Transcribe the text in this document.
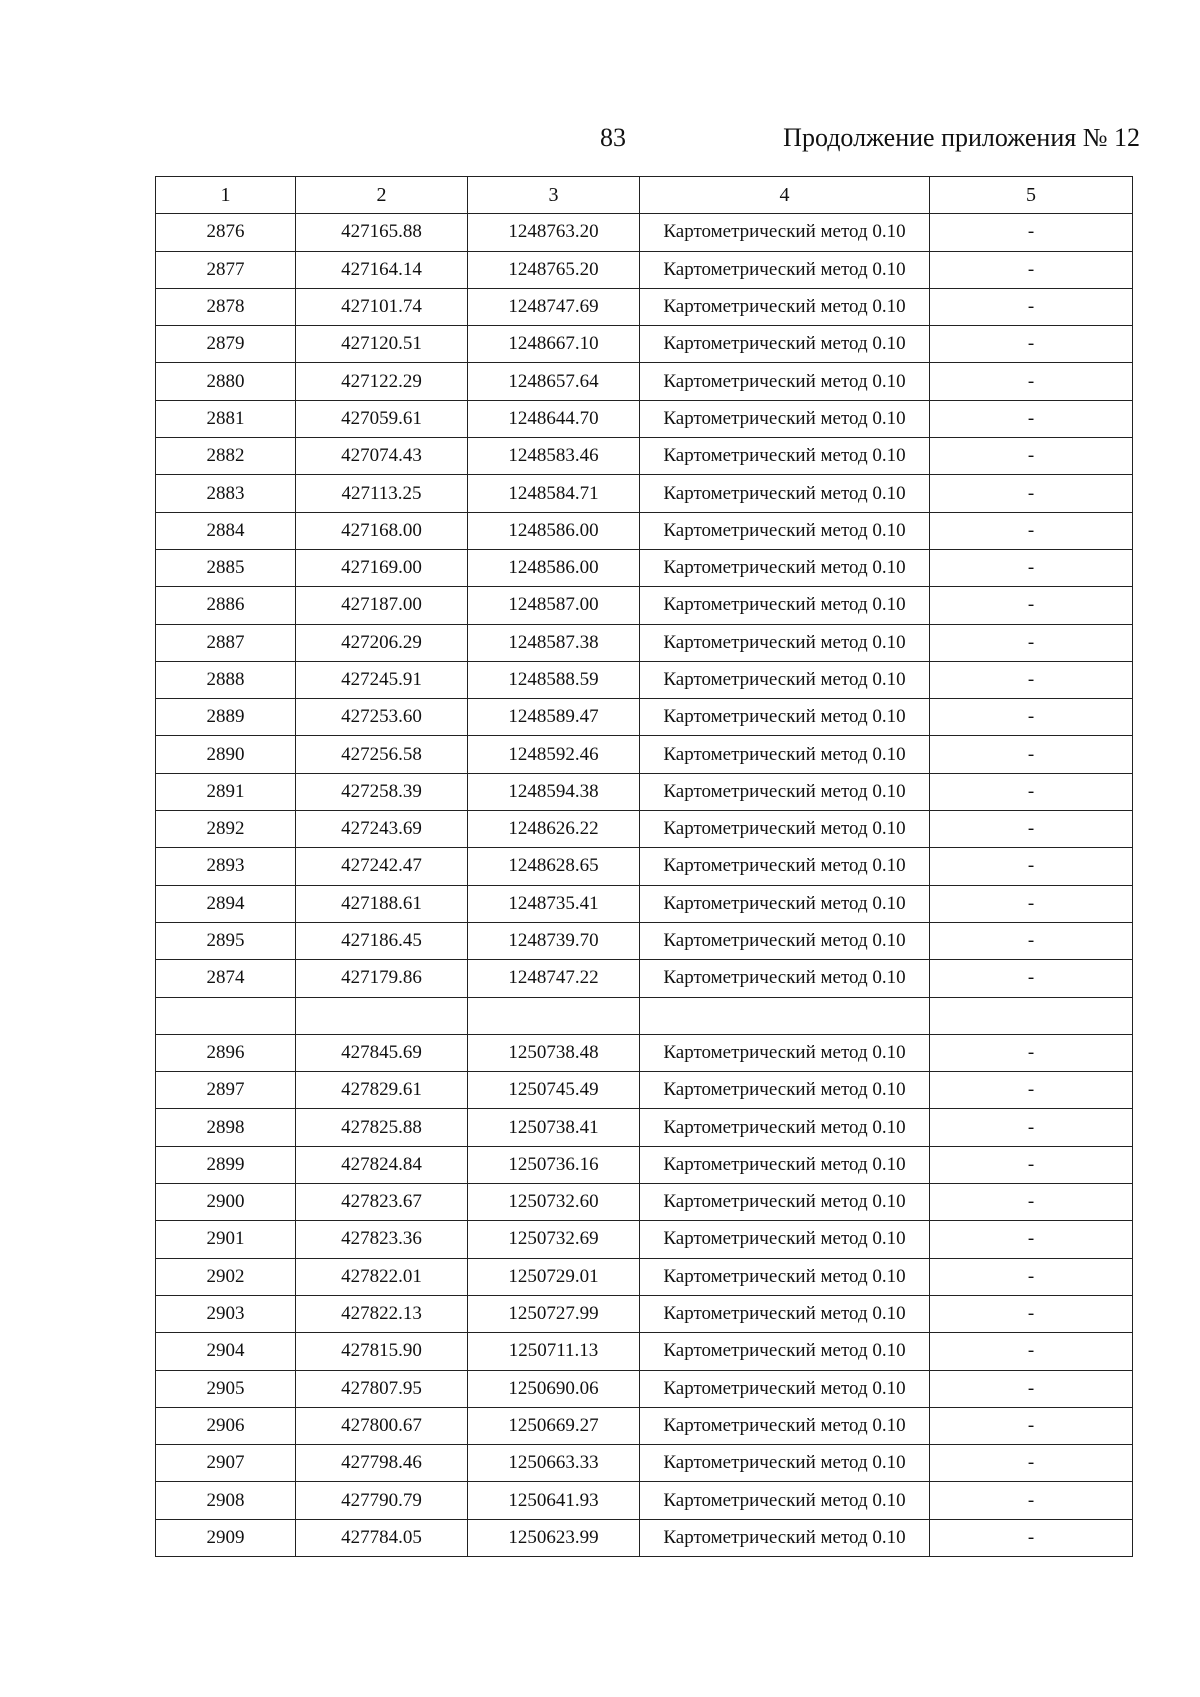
83	Продолжение приложения № 12
1	2	3	4	5
2876	427165.88	1248763.20	Картометрический метод 0.10	-
2877	427164.14	1248765.20	Картометрический метод 0.10	-
2878	427101.74	1248747.69	Картометрический метод 0.10	-
2879	427120.51	1248667.10	Картометрический метод 0.10	-
2880	427122.29	1248657.64	Картометрический метод 0.10	-
2881	427059.61	1248644.70	Картометрический метод 0.10	-
2882	427074.43	1248583.46	Картометрический метод 0.10	-
2883	427113.25	1248584.71	Картометрический метод 0.10	-
2884	427168.00	1248586.00	Картометрический метод 0.10	-
2885	427169.00	1248586.00	Картометрический метод 0.10	-
2886	427187.00	1248587.00	Картометрический метод 0.10	-
2887	427206.29	1248587.38	Картометрический метод 0.10	-
2888	427245.91	1248588.59	Картометрический метод 0.10	-
2889	427253.60	1248589.47	Картометрический метод 0.10	-
2890	427256.58	1248592.46	Картометрический метод 0.10	-
2891	427258.39	1248594.38	Картометрический метод 0.10	-
2892	427243.69	1248626.22	Картометрический метод 0.10	-
2893	427242.47	1248628.65	Картометрический метод 0.10	-
2894	427188.61	1248735.41	Картометрический метод 0.10	-
2895	427186.45	1248739.70	Картометрический метод 0.10	-
2874	427179.86	1248747.22	Картометрический метод 0.10	-

2896	427845.69	1250738.48	Картометрический метод 0.10	-
2897	427829.61	1250745.49	Картометрический метод 0.10	-
2898	427825.88	1250738.41	Картометрический метод 0.10	-
2899	427824.84	1250736.16	Картометрический метод 0.10	-
2900	427823.67	1250732.60	Картометрический метод 0.10	-
2901	427823.36	1250732.69	Картометрический метод 0.10	-
2902	427822.01	1250729.01	Картометрический метод 0.10	-
2903	427822.13	1250727.99	Картометрический метод 0.10	-
2904	427815.90	1250711.13	Картометрический метод 0.10	-
2905	427807.95	1250690.06	Картометрический метод 0.10	-
2906	427800.67	1250669.27	Картометрический метод 0.10	-
2907	427798.46	1250663.33	Картометрический метод 0.10	-
2908	427790.79	1250641.93	Картометрический метод 0.10	-
2909	427784.05	1250623.99	Картометрический метод 0.10	-
